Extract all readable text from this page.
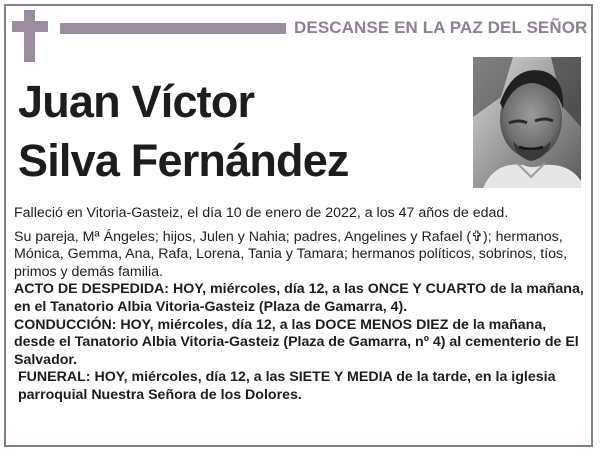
DESCANSE EN LA PAZ DEL SEÑOR
Juan Víctor
Silva Fernández

Falleció en Vitoria-Gasteiz, el día 10 de enero de 2022, a los 47 años de edad.

Su pareja, Mª Ángeles; hijos, Julen y Nahia; padres, Angelines y Rafael (✞); hermanos, Mónica, Gemma, Ana, Rafa, Lorena, Tania y Tamara; hermanos políticos, sobrinos, tíos, primos y demás familia.

ACTO DE DESPEDIDA: HOY, miércoles, día 12, a las ONCE Y CUARTO de la mañana, en el Tanatorio Albia Vitoria-Gasteiz (Plaza de Gamarra, 4).

CONDUCCIÓN: HOY, miércoles, día 12, a las DOCE MENOS DIEZ de la mañana, desde el Tanatorio Albia Vitoria-Gasteiz (Plaza de Gamarra, nº 4) al cementerio de El Salvador.

FUNERAL: HOY, miércoles, día 12, a las SIETE Y MEDIA de la tarde, en la iglesia parroquial Nuestra Señora de los Dolores.
